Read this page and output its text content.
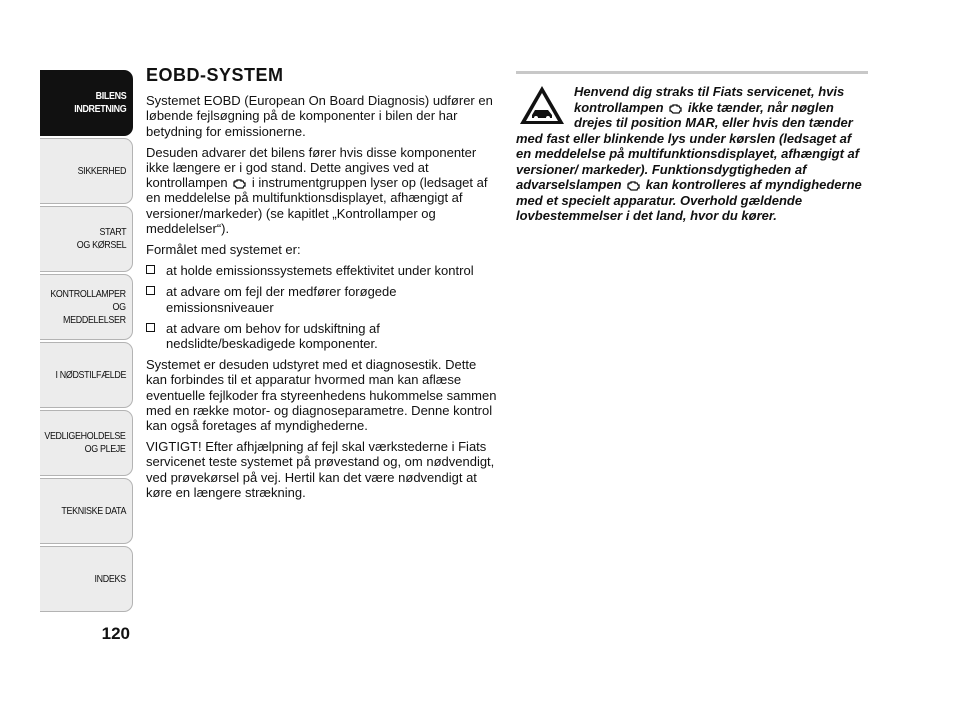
BILENS
INDRETNING
SIKKERHED
START
OG KØRSEL
KONTROLLAMPER
OG MEDDELELSER
I NØDSTILFÆLDE
VEDLIGEHOLDELSE
OG PLEJE
TEKNISKE DATA
INDEKS
120
EOBD-SYSTEM

Systemet EOBD (European On Board Diagnosis) udfører en løbende fejlsøgning på de komponenter i bilen der har betydning for emissionerne.

Desuden advarer det bilens fører hvis disse komponenter ikke længere er i god stand. Dette angives ved at kontrollampen i instrumentgruppen lyser op (ledsaget af en meddelelse på multifunktionsdisplayet, afhængigt af versioner/markeder) (se kapitlet „Kontrollamper og meddelelser“).

Formålet med systemet er:

at holde emissionssystemets effektivitet under kontrol
at advare om fejl der medfører forøgede emissionsniveauer
at advare om behov for udskiftning af nedslidte/beskadigede komponenter.

Systemet er desuden udstyret med et diagnosestik. Dette kan forbindes til et apparatur hvormed man kan aflæse eventuelle fejlkoder fra styreenhedens hukommelse sammen med en række motor- og diagnoseparametre. Denne kontrol kan også foretages af myndighederne.

VIGTIGT! Efter afhjælpning af fejl skal værkstederne i Fiats servicenet teste systemet på prøvestand og, om nødvendigt, ved prøvekørsel på vej. Hertil kan det være nødvendigt at køre en længere strækning.

Henvend dig straks til Fiats servicenet, hvis kontrollampen ikke tænder, når nøglen drejes til position MAR, eller hvis den tænder med fast eller blinkende lys under kørslen (ledsaget af en meddelelse på multifunktionsdisplayet, afhængigt af versioner/ markeder). Funktionsdygtigheden af advarselslampen kan kontrolleres af myndighederne med et specielt apparatur. Overhold gældende lovbestemmelser i det land, hvor du kører.
